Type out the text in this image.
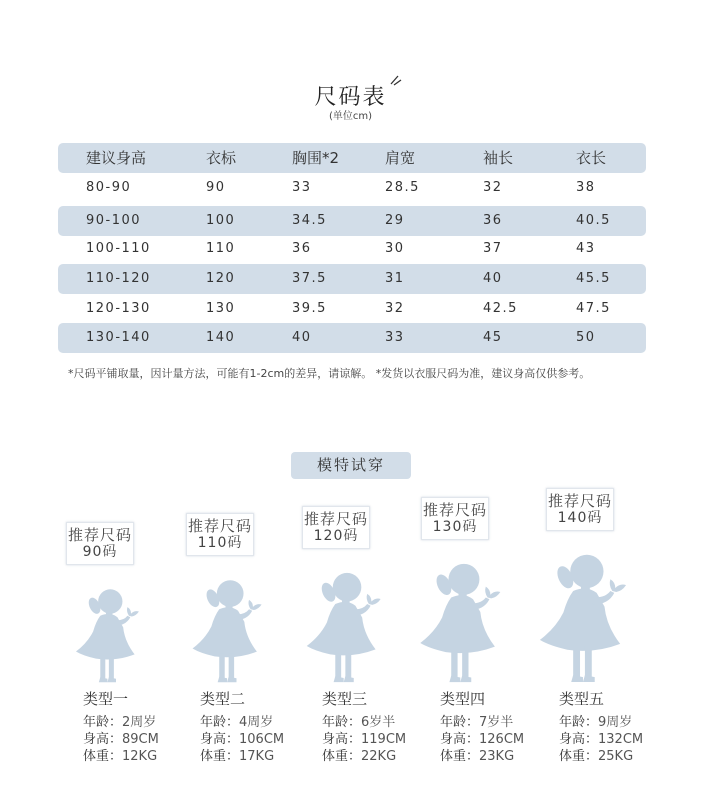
尺码表
(单位cm)
建议身高	衣标	胸围*2	肩宽	袖长	衣长
80-90	90	33	28.5	32	38
90-100	100	34.5	29	36	40.5
100-110	110	36	30	37	43
110-120	120	37.5	31	40	45.5
120-130	130	39.5	32	42.5	47.5
130-140	140	40	33	45	50
*尺码平铺取量，因计量方法，可能有1-2cm的差异，请谅解。 *发货以衣服尺码为准，建议身高仅供参考。
模特试穿
推荐尺码
90码
类型一
年龄：2周岁
身高：89CM
体重：12KG
推荐尺码
110码
类型二
年龄：4周岁
身高：106CM
体重：17KG
推荐尺码
120码
类型三
年龄：6岁半
身高：119CM
体重：22KG
推荐尺码
130码
类型四
年龄：7岁半
身高：126CM
体重：23KG
推荐尺码
140码
类型五
年龄：9周岁
身高：132CM
体重：25KG
